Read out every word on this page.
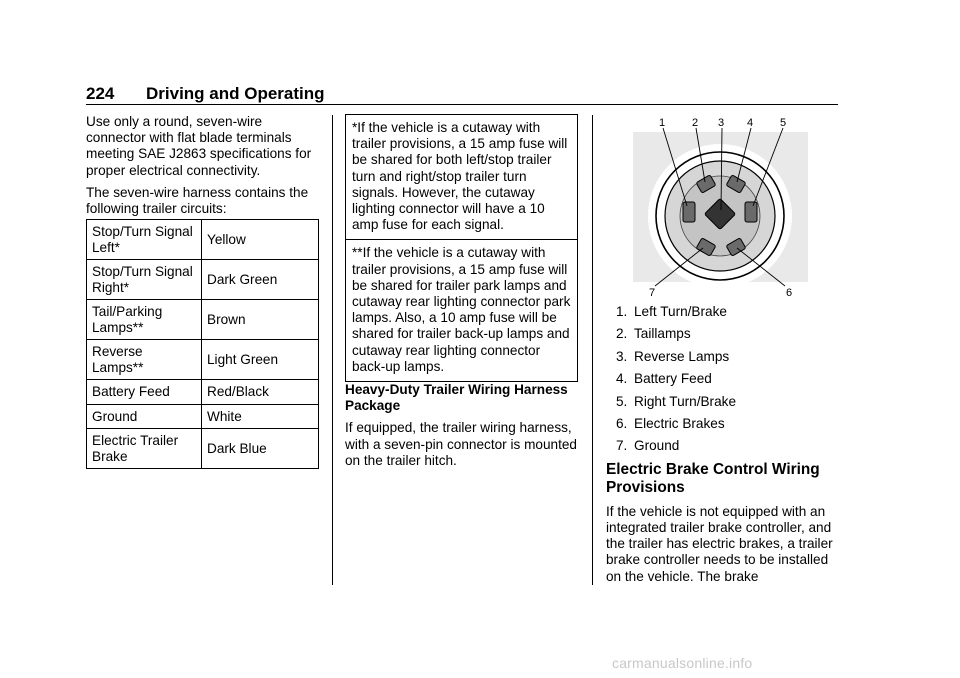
224 Driving and Operating

Use only a round, seven-wire connector with flat blade terminals meeting SAE J2863 specifications for proper electrical connectivity.

The seven-wire harness contains the following trailer circuits:

Stop/Turn Signal Left*	Yellow
Stop/Turn Signal Right*	Dark Green
Tail/Parking Lamps**	Brown
Reverse Lamps**	Light Green
Battery Feed	Red/Black
Ground	White
Electric Trailer Brake	Dark Blue
*If the vehicle is a cutaway with trailer provisions, a 15 amp fuse will be shared for both left/stop trailer turn and right/stop trailer turn signals. However, the cutaway lighting connector will have a 10 amp fuse for each signal.
**If the vehicle is a cutaway with trailer provisions, a 15 amp fuse will be shared for trailer park lamps and cutaway rear lighting connector park lamps. Also, a 10 amp fuse will be shared for trailer back-up lamps and cutaway rear lighting connector back-up lamps.

Heavy-Duty Trailer Wiring Harness Package

If equipped, the trailer wiring harness, with a seven-pin connector is mounted on the trailer hitch.

1 2 3 4 5
6
7
1. Left Turn/Brake
2. Taillamps
3. Reverse Lamps
4. Battery Feed
5. Right Turn/Brake
6. Electric Brakes
7. Ground
Electric Brake Control Wiring Provisions

If the vehicle is not equipped with an integrated trailer brake controller, and the trailer has electric brakes, a trailer brake controller needs to be installed on the vehicle. The brake

carmanualsonline.info
